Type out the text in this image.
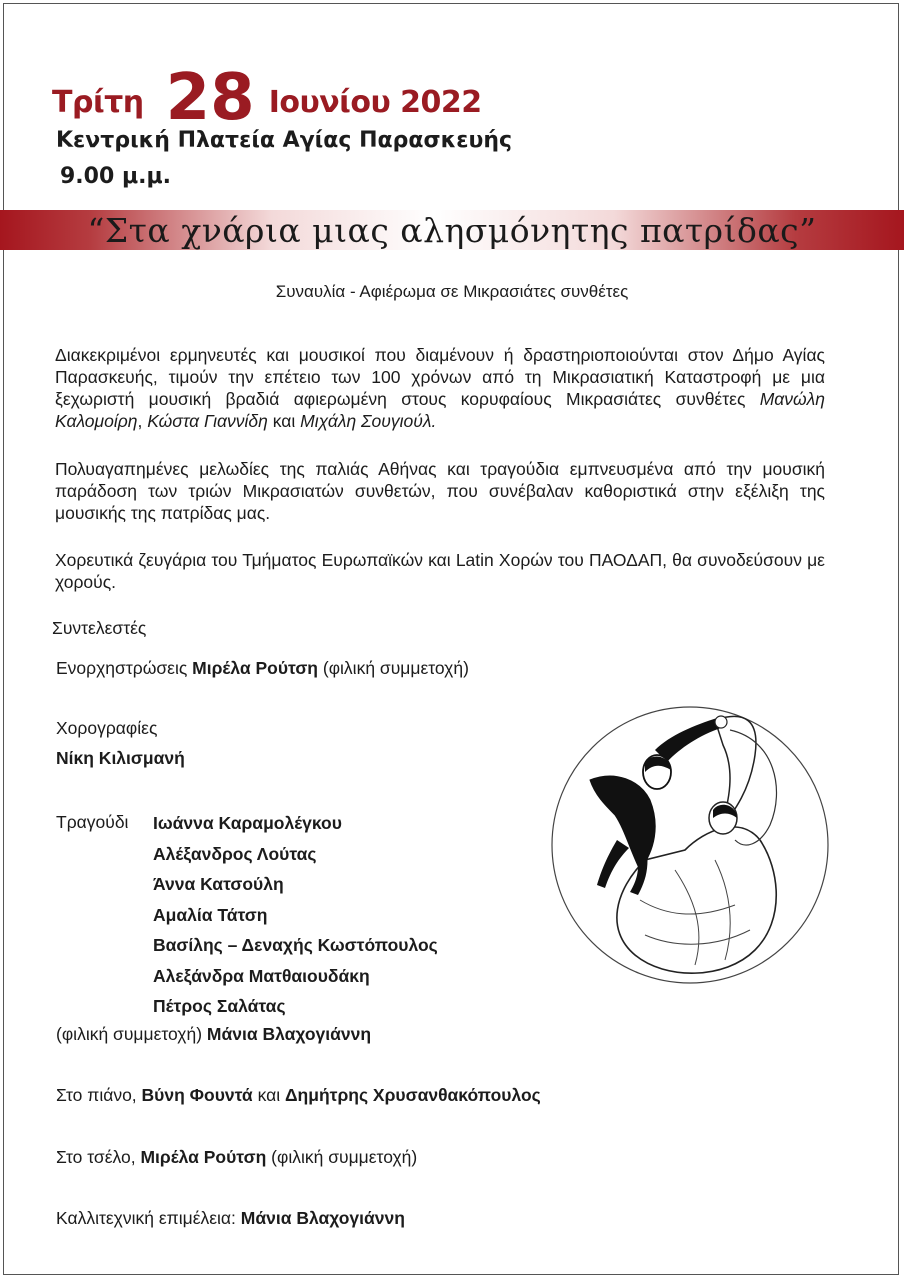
Τρίτη 28 Ιουνίου 2022
Κεντρική Πλατεία Αγίας Παρασκευής
9.00 μ.μ.
“Στα χνάρια μιας αλησμόνητης πατρίδας”
Συναυλία - Αφιέρωμα σε Μικρασιάτες συνθέτες
Διακεκριμένοι ερμηνευτές και μουσικοί που διαμένουν ή δραστηριοποιούνται στον Δήμο Αγίας Παρασκευής, τιμούν την επέτειο των 100 χρόνων από τη Μικρασιατική Καταστροφή με μια ξεχωριστή μουσική βραδιά αφιερωμένη στους κορυφαίους Μικρασιάτες συνθέτες Μανώλη Καλομοίρη, Κώστα Γιαννίδη και Μιχάλη Σουγιούλ.
Πολυαγαπημένες μελωδίες της παλιάς Αθήνας και τραγούδια εμπνευσμένα από την μουσική παράδοση των τριών Μικρασιατών συνθετών, που συνέβαλαν καθοριστικά στην εξέλιξη της μουσικής της πατρίδας μας.
Χορευτικά ζευγάρια του Τμήματος Ευρωπαϊκών και Latin Χορών του ΠΑΟΔΑΠ, θα συνοδεύσουν με χορούς.
Συντελεστές
Ενορχηστρώσεις Μιρέλα Ρούτση (φιλική συμμετοχή)
Χορογραφίες
Νίκη Κιλισμανή
Τραγούδι Ιωάννα Καραμολέγκου
Αλέξανδρος Λούτας
Άννα Κατσούλη
Αμαλία Τάτση
Βασίλης – Δεναχής Κωστόπουλος
Αλεξάνδρα Ματθαιουδάκη
Πέτρος Σαλάτας
(φιλική συμμετοχή) Μάνια Βλαχογιάννη
Στο πιάνο, Βύνη Φουντά και Δημήτρης Χρυσανθακόπουλος
Στο τσέλο, Μιρέλα Ρούτση (φιλική συμμετοχή)
Καλλιτεχνική επιμέλεια: Μάνια Βλαχογιάννη
